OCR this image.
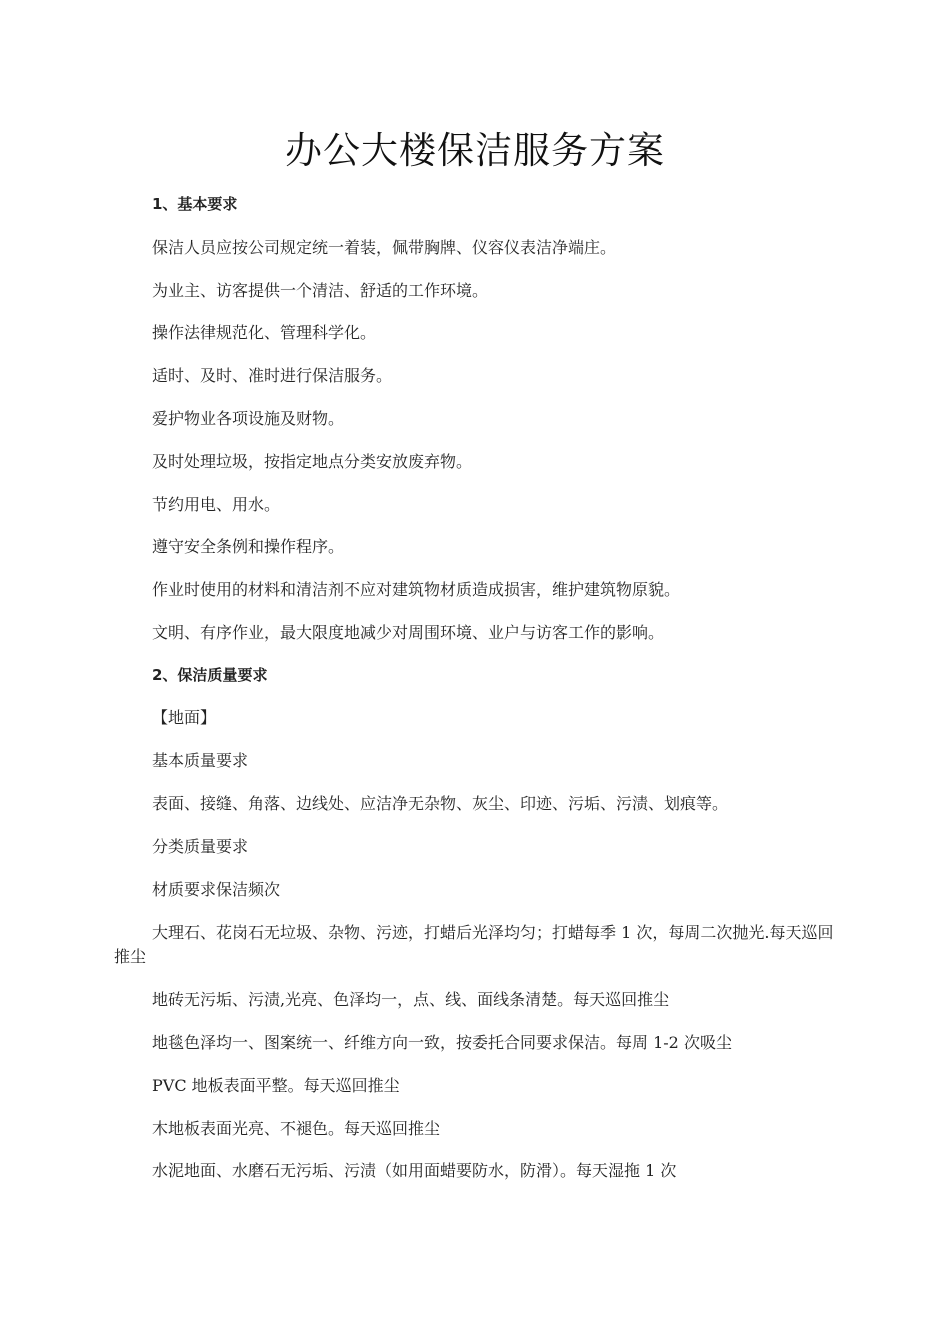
办公大楼保洁服务方案

1、基本要求

保洁人员应按公司规定统一着装，佩带胸牌、仪容仪表洁净端庄。

为业主、访客提供一个清洁、舒适的工作环境。

操作法律规范化、管理科学化。

适时、及时、准时进行保洁服务。

爱护物业各项设施及财物。

及时处理垃圾，按指定地点分类安放废弃物。

节约用电、用水。

遵守安全条例和操作程序。

作业时使用的材料和清洁剂不应对建筑物材质造成损害，维护建筑物原貌。

文明、有序作业，最大限度地减少对周围环境、业户与访客工作的影响。

2、保洁质量要求

【地面】

基本质量要求

表面、接缝、角落、边线处、应洁净无杂物、灰尘、印迹、污垢、污渍、划痕等。

分类质量要求

材质要求保洁频次

大理石、花岗石无垃圾、杂物、污迹，打蜡后光泽均匀；打蜡每季 1 次，每周二次抛光.每天巡回推尘

地砖无污垢、污渍,光亮、色泽均一，点、线、面线条清楚。每天巡回推尘

地毯色泽均一、图案统一、纤维方向一致，按委托合同要求保洁。每周 1-2 次吸尘

PVC 地板表面平整。每天巡回推尘

木地板表面光亮、不褪色。每天巡回推尘

水泥地面、水磨石无污垢、污渍（如用面蜡要防水，防滑）。每天湿拖 1 次
